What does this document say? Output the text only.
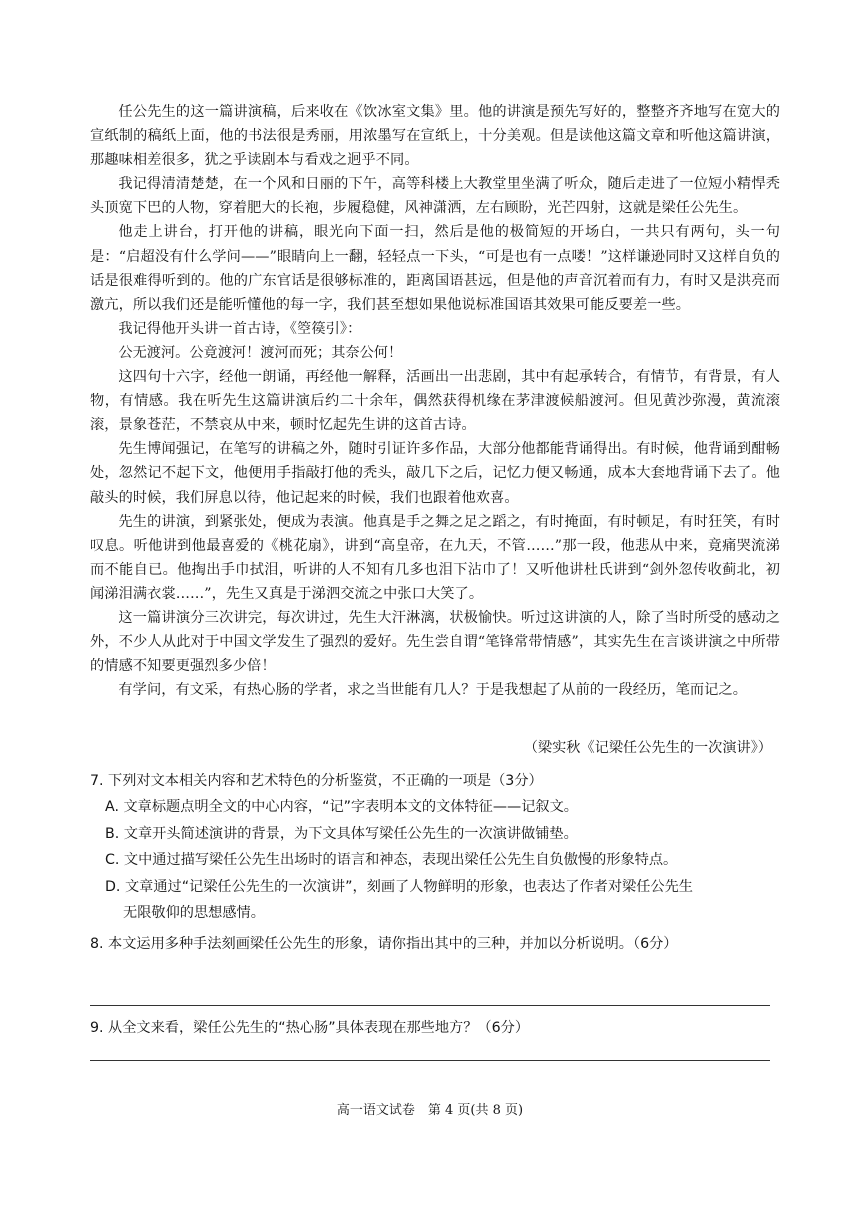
任公先生的这一篇讲演稿，后来收在《饮冰室文集》里。他的讲演是预先写好的，整整齐齐地写在宽大的宣纸制的稿纸上面，他的书法很是秀丽，用浓墨写在宣纸上，十分美观。但是读他这篇文章和听他这篇讲演，那趣味相差很多，犹之乎读剧本与看戏之迥乎不同。

我记得清清楚楚，在一个风和日丽的下午，高等科楼上大教堂里坐满了听众，随后走进了一位短小精悍秃头顶宽下巴的人物，穿着肥大的长袍，步履稳健，风神潇洒，左右顾盼，光芒四射，这就是梁任公先生。

他走上讲台，打开他的讲稿，眼光向下面一扫，然后是他的极简短的开场白，一共只有两句，头一句是：“启超没有什么学问——”眼睛向上一翻，轻轻点一下头，“可是也有一点喽！”这样谦逊同时又这样自负的话是很难得听到的。他的广东官话是很够标准的，距离国语甚远，但是他的声音沉着而有力，有时又是洪亮而激亢，所以我们还是能听懂他的每一字，我们甚至想如果他说标准国语其效果可能反要差一些。

我记得他开头讲一首古诗，《箜篌引》：

公无渡河。公竟渡河！渡河而死；其奈公何！

这四句十六字，经他一朗诵，再经他一解释，活画出一出悲剧，其中有起承转合，有情节，有背景，有人物，有情感。我在听先生这篇讲演后约二十余年，偶然获得机缘在茅津渡候船渡河。但见黄沙弥漫，黄流滚滚，景象苍茫，不禁哀从中来，顿时忆起先生讲的这首古诗。

先生博闻强记，在笔写的讲稿之外，随时引证许多作品，大部分他都能背诵得出。有时候，他背诵到酣畅处，忽然记不起下文，他便用手指敲打他的秃头，敲几下之后，记忆力便又畅通，成本大套地背诵下去了。他敲头的时候，我们屏息以待，他记起来的时候，我们也跟着他欢喜。

先生的讲演，到紧张处，便成为表演。他真是手之舞之足之蹈之，有时掩面，有时顿足，有时狂笑，有时叹息。听他讲到他最喜爱的《桃花扇》，讲到“高皇帝，在九天，不管……”那一段，他悲从中来，竟痛哭流涕而不能自已。他掏出手巾拭泪，听讲的人不知有几多也泪下沾巾了！又听他讲杜氏讲到“剑外忽传收蓟北，初闻涕泪满衣裳……”，先生又真是于涕泗交流之中张口大笑了。

这一篇讲演分三次讲完，每次讲过，先生大汗淋漓，状极愉快。听过这讲演的人，除了当时所受的感动之外，不少人从此对于中国文学发生了强烈的爱好。先生尝自谓“笔锋常带情感”，其实先生在言谈讲演之中所带的情感不知要更强烈多少倍！

有学问，有文采，有热心肠的学者，求之当世能有几人？于是我想起了从前的一段经历，笔而记之。

（梁实秋《记梁任公先生的一次演讲》）

7. 下列对文本相关内容和艺术特色的分析鉴赏，不正确的一项是（3分）

A. 文章标题点明全文的中心内容，“记”字表明本文的文体特征——记叙文。

B. 文章开头简述演讲的背景，为下文具体写梁任公先生的一次演讲做铺垫。

C. 文中通过描写梁任公先生出场时的语言和神态，表现出梁任公先生自负傲慢的形象特点。

D. 文章通过“记梁任公先生的一次演讲”，刻画了人物鲜明的形象，也表达了作者对梁任公先生

无限敬仰的思想感情。

8. 本文运用多种手法刻画梁任公先生的形象，请你指出其中的三种，并加以分析说明。（6分）

9. 从全文来看，梁任公先生的“热心肠”具体表现在那些地方？（6分）
高一语文试卷　第 4 页(共 8 页)
